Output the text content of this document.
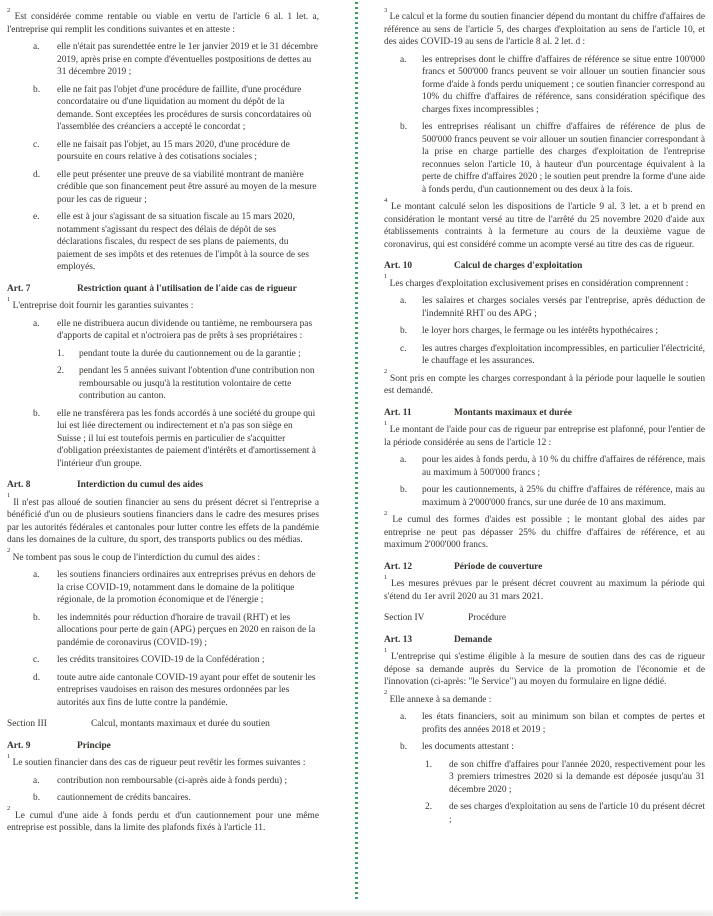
$^2$ Est considérée comme rentable ou viable en vertu de l'article 6 al. 1 let. a, l'entreprise qui remplit les conditions suivantes et en atteste :

a.	elle n'était pas surendettée entre le 1er janvier 2019 et le 31 décembre 2019, après prise en compte d'éventuelles postpositions de dettes au 31 décembre 2019 ;
b.	elle ne fait pas l'objet d'une procédure de faillite, d'une procédure concordataire ou d'une liquidation au moment du dépôt de la demande. Sont exceptées les procédures de sursis concordataires où l'assemblée des créanciers a accepté le concordat ;
c.	elle ne faisait pas l'objet, au 15 mars 2020, d'une procédure de poursuite en cours relative à des cotisations sociales ;
d.	elle peut présenter une preuve de sa viabilité montrant de manière crédible que son financement peut être assuré au moyen de la mesure pour les cas de rigueur ;
e.	elle est à jour s'agissant de sa situation fiscale au 15 mars 2020, notamment s'agissant du respect des délais de dépôt de ses déclarations fiscales, du respect de ses plans de paiements, du paiement de ses impôts et des retenues de l'impôt à la source de ses employés.
Art. 7	Restriction quant à l'utilisation de l'aide cas de rigueur

$^1$ L'entreprise doit fournir les garanties suivantes :

a.	elle ne distribuera aucun dividende ou tantième, ne remboursera pas d'apports de capital et n'octroiera pas de prêts à ses propriétaires :
1.	pendant toute la durée du cautionnement ou de la garantie ;
2.	pendant les 5 années suivant l'obtention d'une contribution non remboursable ou jusqu'à la restitution volontaire de cette contribution au canton.
b.	elle ne transférera pas les fonds accordés à une société du groupe qui lui est liée directement ou indirectement et n'a pas son siège en Suisse ; il lui est toutefois permis en particulier de s'acquitter d'obligation préexistantes de paiement d'intérêts et d'amortissement à l'intérieur d'un groupe.
Art. 8	Interdiction du cumul des aides

$^1$ Il n'est pas alloué de soutien financier au sens du présent décret si l'entreprise a bénéficié d'un ou de plusieurs soutiens financiers dans le cadre des mesures prises par les autorités fédérales et cantonales pour lutter contre les effets de la pandémie dans les domaines de la culture, du sport, des transports publics ou des médias.

$^2$ Ne tombent pas sous le coup de l'interdiction du cumul des aides :

a.	les soutiens financiers ordinaires aux entreprises prévus en dehors de la crise COVID-19, notamment dans le domaine de la politique régionale, de la promotion économique et de l'énergie ;
b.	les indemnités pour réduction d'horaire de travail (RHT) et les allocations pour perte de gain (APG) perçues en 2020 en raison de la pandémie de coronavirus (COVID-19) ;
c.	les crédits transitoires COVID-19 de la Confédération ;
d.	toute autre aide cantonale COVID-19 ayant pour effet de soutenir les entreprises vaudoises en raison des mesures ordonnées par les autorités aux fins de lutte contre la pandémie.
Section III	Calcul, montants maximaux et durée du soutien
Art. 9	Principe

$^1$ Le soutien financier dans des cas de rigueur peut revêtir les formes suivantes :

a.	contribution non remboursable (ci-après aide à fonds perdu) ;
b.	cautionnement de crédits bancaires.

$^2$ Le cumul d'une aide à fonds perdu et d'un cautionnement pour une même entreprise est possible, dans la limite des plafonds fixés à l'article 11.

$^3$ Le calcul et la forme du soutien financier dépend du montant du chiffre d'affaires de référence au sens de l'article 5, des charges d'exploitation au sens de l'article 10, et des aides COVID-19 au sens de l'article 8 al. 2 let. d :

a.	les entreprises dont le chiffre d'affaires de référence se situe entre 100'000 francs et 500'000 francs peuvent se voir allouer un soutien financier sous forme d'aide à fonds perdu uniquement ; ce soutien financier correspond au 10% du chiffre d'affaires de référence, sans considération spécifique des charges fixes incompressibles ;
b.	les entreprises réalisant un chiffre d'affaires de référence de plus de 500'000 francs peuvent se voir allouer un soutien financier correspondant à la prise en charge partielle des charges d'exploitation de l'entreprise reconnues selon l'article 10, à hauteur d'un pourcentage équivalent à la perte de chiffre d'affaires 2020 ; le soutien peut prendre la forme d'une aide à fonds perdu, d'un cautionnement ou des deux à la fois.

$^4$ Le montant calculé selon les dispositions de l'article 9 al. 3 let. a et b prend en considération le montant versé au titre de l'arrêté du 25 novembre 2020 d'aide aux établissements contraints à la fermeture au cours de la deuxième vague de coronavirus, qui est considéré comme un acompte versé au titre des cas de rigueur.

Art. 10	Calcul de charges d'exploitation

$^1$ Les charges d'exploitation exclusivement prises en considération comprennent :

a.	les salaires et charges sociales versés par l'entreprise, après déduction de l'indemnité RHT ou des APG ;
b.	le loyer hors charges, le fermage ou les intérêts hypothécaires ;
c.	les autres charges d'exploitation incompressibles, en particulier l'électricité, le chauffage et les assurances.

$^2$ Sont pris en compte les charges correspondant à la période pour laquelle le soutien est demandé.

Art. 11	Montants maximaux et durée

$^1$ Le montant de l'aide pour cas de rigueur par entreprise est plafonné, pour l'entier de la période considérée au sens de l'article 12 :

a.	pour les aides à fonds perdu, à 10 % du chiffre d'affaires de référence, mais au maximum à 500'000 francs ;
b.	pour les cautionnements, à 25% du chiffre d'affaires de référence, mais au maximum à 2'000'000 francs, sur une durée de 10 ans maximum.

$^2$ Le cumul des formes d'aides est possible ; le montant global des aides par entreprise ne peut pas dépasser 25% du chiffre d'affaires de référence, et au maximum 2'000'000 francs.

Art. 12	Période de couverture

$^1$ Les mesures prévues par le présent décret couvrent au maximum la période qui s'étend du 1er avril 2020 au 31 mars 2021.

Section IV	Procédure
Art. 13	Demande

$^1$ L'entreprise qui s'estime éligible à la mesure de soutien dans des cas de rigueur dépose sa demande auprès du Service de la promotion de l'économie et de l'innovation (ci-après: "le Service") au moyen du formulaire en ligne dédié.

$^2$ Elle annexe à sa demande :

a.	les états financiers, soit au minimum son bilan et comptes de pertes et profits des années 2018 et 2019 ;
b.	les documents attestant :
1.	de son chiffre d'affaires pour l'année 2020, respectivement pour les 3 premiers trimestres 2020 si la demande est déposée jusqu'au 31 décembre 2020 ;
2.	de ses charges d'exploitation au sens de l'article 10 du présent décret ;
